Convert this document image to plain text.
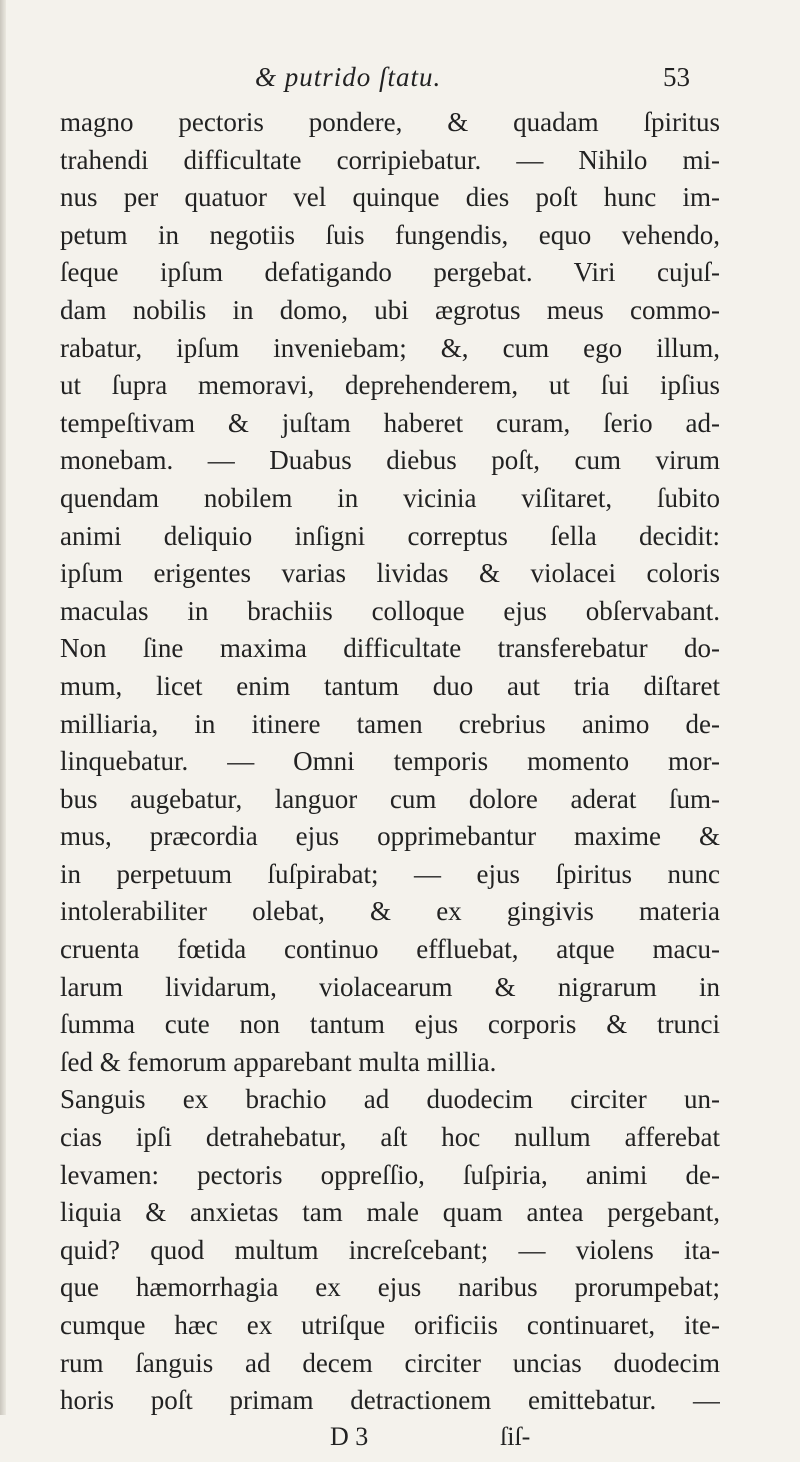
& putrido ſtatu.	53
magno pectoris pondere, & quadam ſpiritus
trahendi difficultate corripiebatur. — Nihilo mi-
nus per quatuor vel quinque dies poſt hunc im-
petum in negotiis ſuis fungendis, equo vehendo,
ſeque ipſum defatigando pergebat. Viri cujuſ-
dam nobilis in domo, ubi ægrotus meus commo-
rabatur, ipſum inveniebam; &, cum ego illum,
ut ſupra memoravi, deprehenderem, ut ſui ipſius
tempeſtivam & juſtam haberet curam, ſerio ad-
monebam. — Duabus diebus poſt, cum virum
quendam nobilem in vicinia viſitaret, ſubito
animi deliquio inſigni correptus ſella decidit:
ipſum erigentes varias lividas & violacei coloris
maculas in brachiis colloque ejus obſervabant.
Non ſine maxima difficultate transferebatur do-
mum, licet enim tantum duo aut tria diſtaret
milliaria, in itinere tamen crebrius animo de-
linquebatur. — Omni temporis momento mor-
bus augebatur, languor cum dolore aderat ſum-
mus, præcordia ejus opprimebantur maxime &
in perpetuum ſuſpirabat; — ejus ſpiritus nunc
intolerabiliter olebat, & ex gingivis materia
cruenta fœtida continuo effluebat, atque macu-
larum lividarum, violacearum & nigrarum in
ſumma cute non tantum ejus corporis & trunci
ſed & femorum apparebant multa millia.
Sanguis ex brachio ad duodecim circiter un-
cias ipſi detrahebatur, aſt hoc nullum afferebat
levamen: pectoris oppreſſio, ſuſpiria, animi de-
liquia & anxietas tam male quam antea pergebant,
quid? quod multum increſcebant; — violens ita-
que hæmorrhagia ex ejus naribus prorumpebat;
cumque hæc ex utriſque orificiis continuaret, ite-
rum ſanguis ad decem circiter uncias duodecim
horis poſt primam detractionem emittebatur. —
D 3	ſiſ-
